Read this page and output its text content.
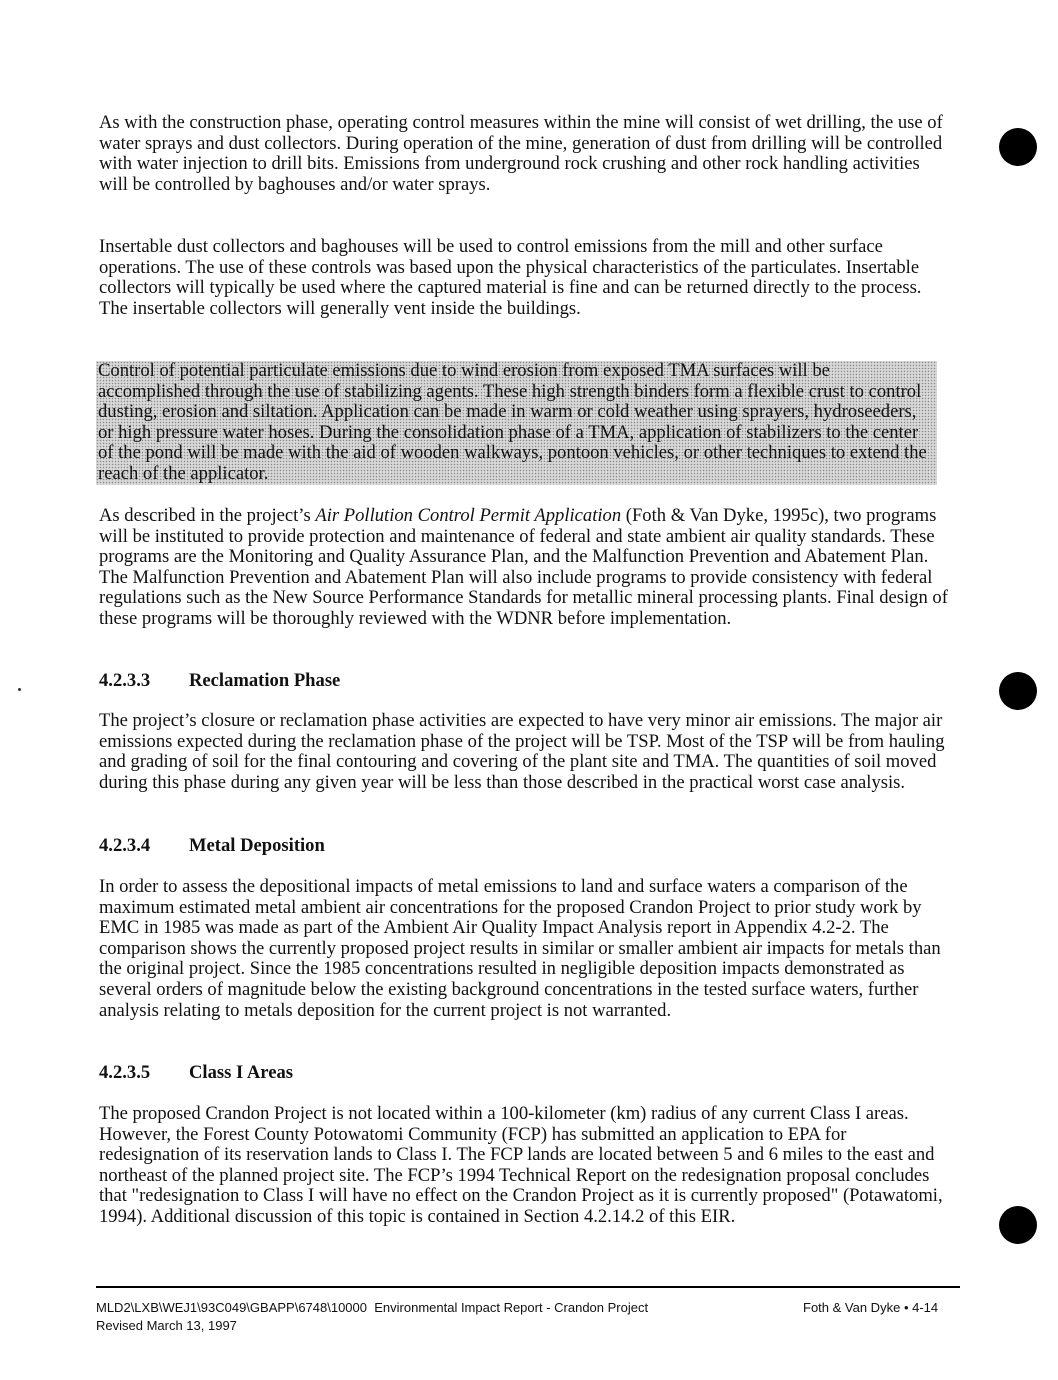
As with the construction phase, operating control measures within the mine will consist of wet drilling, the use of water sprays and dust collectors. During operation of the mine, generation of dust from drilling will be controlled with water injection to drill bits. Emissions from underground rock crushing and other rock handling activities will be controlled by baghouses and/or water sprays.

Insertable dust collectors and baghouses will be used to control emissions from the mill and other surface operations. The use of these controls was based upon the physical characteristics of the particulates. Insertable collectors will typically be used where the captured material is fine and can be returned directly to the process. The insertable collectors will generally vent inside the buildings.

Control of potential particulate emissions due to wind erosion from exposed TMA surfaces will be accomplished through the use of stabilizing agents. These high strength binders form a flexible crust to control dusting, erosion and siltation. Application can be made in warm or cold weather using sprayers, hydroseeders, or high pressure water hoses. During the consolidation phase of a TMA, application of stabilizers to the center of the pond will be made with the aid of wooden walkways, pontoon vehicles, or other techniques to extend the reach of the applicator.

As described in the project’s Air Pollution Control Permit Application (Foth & Van Dyke, 1995c), two programs will be instituted to provide protection and maintenance of federal and state ambient air quality standards. These programs are the Monitoring and Quality Assurance Plan, and the Malfunction Prevention and Abatement Plan. The Malfunction Prevention and Abatement Plan will also include programs to provide consistency with federal regulations such as the New Source Performance Standards for metallic mineral processing plants. Final design of these programs will be thoroughly reviewed with the WDNR before implementation.

4.2.3.3 Reclamation Phase

The project’s closure or reclamation phase activities are expected to have very minor air emissions. The major air emissions expected during the reclamation phase of the project will be TSP. Most of the TSP will be from hauling and grading of soil for the final contouring and covering of the plant site and TMA. The quantities of soil moved during this phase during any given year will be less than those described in the practical worst case analysis.

4.2.3.4 Metal Deposition

In order to assess the depositional impacts of metal emissions to land and surface waters a comparison of the maximum estimated metal ambient air concentrations for the proposed Crandon Project to prior study work by EMC in 1985 was made as part of the Ambient Air Quality Impact Analysis report in Appendix 4.2-2. The comparison shows the currently proposed project results in similar or smaller ambient air impacts for metals than the original project. Since the 1985 concentrations resulted in negligible deposition impacts demonstrated as several orders of magnitude below the existing background concentrations in the tested surface waters, further analysis relating to metals deposition for the current project is not warranted.

4.2.3.5 Class I Areas

The proposed Crandon Project is not located within a 100-kilometer (km) radius of any current Class I areas. However, the Forest County Potowatomi Community (FCP) has submitted an application to EPA for redesignation of its reservation lands to Class I. The FCP lands are located between 5 and 6 miles to the east and northeast of the planned project site. The FCP’s 1994 Technical Report on the redesignation proposal concludes that "redesignation to Class I will have no effect on the Crandon Project as it is currently proposed" (Potawatomi, 1994). Additional discussion of this topic is contained in Section 4.2.14.2 of this EIR.

MLD2\LXB\WEJ1\93C049\GBAPP\6748\10000 Environmental Impact Report - Crandon Project
Revised March 13, 1997
Foth & Van Dyke • 4-14
